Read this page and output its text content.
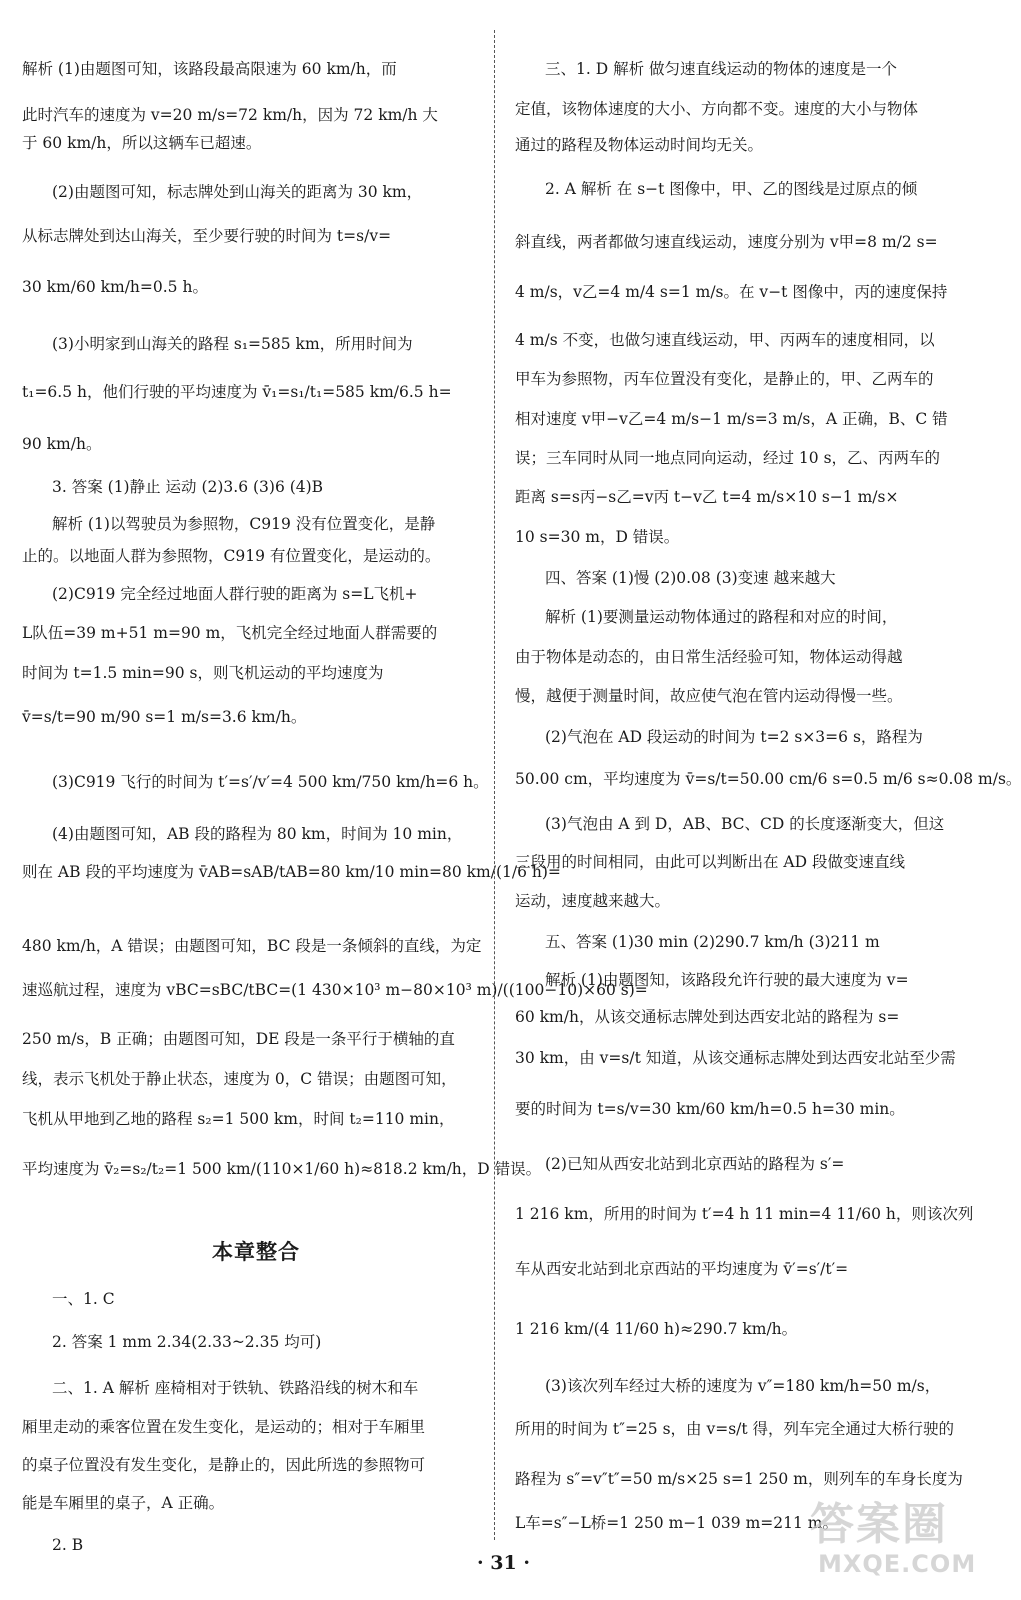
解析 (1)由题图可知，该路段最高限速为 60 km/h，而
此时汽车的速度为 v=20 m/s=72 km/h，因为 72 km/h 大
于 60 km/h，所以这辆车已超速。
(2)由题图可知，标志牌处到山海关的距离为 30 km，
从标志牌处到达山海关，至少要行驶的时间为 t=s/v=
30 km/60 km/h=0.5 h。
(3)小明家到山海关的路程 s₁=585 km，所用时间为
t₁=6.5 h，他们行驶的平均速度为 v̄₁=s₁/t₁=585 km/6.5 h=
90 km/h。
3. 答案 (1)静止 运动 (2)3.6 (3)6 (4)B
解析 (1)以驾驶员为参照物，C919 没有位置变化，是静
止的。以地面人群为参照物，C919 有位置变化，是运动的。
(2)C919 完全经过地面人群行驶的距离为 s=L飞机+
L队伍=39 m+51 m=90 m，飞机完全经过地面人群需要的
时间为 t=1.5 min=90 s，则飞机运动的平均速度为
v̄=s/t=90 m/90 s=1 m/s=3.6 km/h。
(3)C919 飞行的时间为 t′=s′/v′=4 500 km/750 km/h=6 h。
(4)由题图可知，AB 段的路程为 80 km，时间为 10 min，
则在 AB 段的平均速度为 v̄AB=sAB/tAB=80 km/10 min=80 km/(1/6 h)=
480 km/h，A 错误；由题图可知，BC 段是一条倾斜的直线，为定
速巡航过程，速度为 vBC=sBC/tBC=(1 430×10³ m−80×10³ m)/((100−10)×60 s)=
250 m/s，B 正确；由题图可知，DE 段是一条平行于横轴的直
线，表示飞机处于静止状态，速度为 0，C 错误；由题图可知，
飞机从甲地到乙地的路程 s₂=1 500 km，时间 t₂=110 min，
平均速度为 v̄₂=s₂/t₂=1 500 km/(110×1/60 h)≈818.2 km/h，D 错误。
本章整合
一、1. C
2. 答案 1 mm 2.34(2.33~2.35 均可)
二、1. A 解析 座椅相对于铁轨、铁路沿线的树木和车
厢里走动的乘客位置在发生变化，是运动的；相对于车厢里
的桌子位置没有发生变化，是静止的，因此所选的参照物可
能是车厢里的桌子，A 正确。
2. B
三、1. D 解析 做匀速直线运动的物体的速度是一个
定值，该物体速度的大小、方向都不变。速度的大小与物体
通过的路程及物体运动时间均无关。
2. A 解析 在 s−t 图像中，甲、乙的图线是过原点的倾
斜直线，两者都做匀速直线运动，速度分别为 v甲=8 m/2 s=
4 m/s，v乙=4 m/4 s=1 m/s。在 v−t 图像中，丙的速度保持
4 m/s 不变，也做匀速直线运动，甲、丙两车的速度相同，以
甲车为参照物，丙车位置没有变化，是静止的，甲、乙两车的
相对速度 v甲−v乙=4 m/s−1 m/s=3 m/s，A 正确，B、C 错
误；三车同时从同一地点同向运动，经过 10 s，乙、丙两车的
距离 s=s丙−s乙=v丙 t−v乙 t=4 m/s×10 s−1 m/s×
10 s=30 m，D 错误。
四、答案 (1)慢 (2)0.08 (3)变速 越来越大
解析 (1)要测量运动物体通过的路程和对应的时间，
由于物体是动态的，由日常生活经验可知，物体运动得越
慢，越便于测量时间，故应使气泡在管内运动得慢一些。
(2)气泡在 AD 段运动的时间为 t=2 s×3=6 s，路程为
50.00 cm，平均速度为 v̄=s/t=50.00 cm/6 s=0.5 m/6 s≈0.08 m/s。
(3)气泡由 A 到 D，AB、BC、CD 的长度逐渐变大，但这
三段用的时间相同，由此可以判断出在 AD 段做变速直线
运动，速度越来越大。
五、答案 (1)30 min (2)290.7 km/h (3)211 m
解析 (1)由题图知，该路段允许行驶的最大速度为 v=
60 km/h，从该交通标志牌处到达西安北站的路程为 s=
30 km，由 v=s/t 知道，从该交通标志牌处到达西安北站至少需
要的时间为 t=s/v=30 km/60 km/h=0.5 h=30 min。
(2)已知从西安北站到北京西站的路程为 s′=
1 216 km，所用的时间为 t′=4 h 11 min=4 11/60 h，则该次列
车从西安北站到北京西站的平均速度为 v̄′=s′/t′=
1 216 km/(4 11/60 h)≈290.7 km/h。
(3)该次列车经过大桥的速度为 v″=180 km/h=50 m/s，
所用的时间为 t″=25 s，由 v=s/t 得，列车完全通过大桥行驶的
路程为 s″=v″t″=50 m/s×25 s=1 250 m，则列车的车身长度为
L车=s″−L桥=1 250 m−1 039 m=211 m。
· 31 ·
答案圈
MXQE.COM
